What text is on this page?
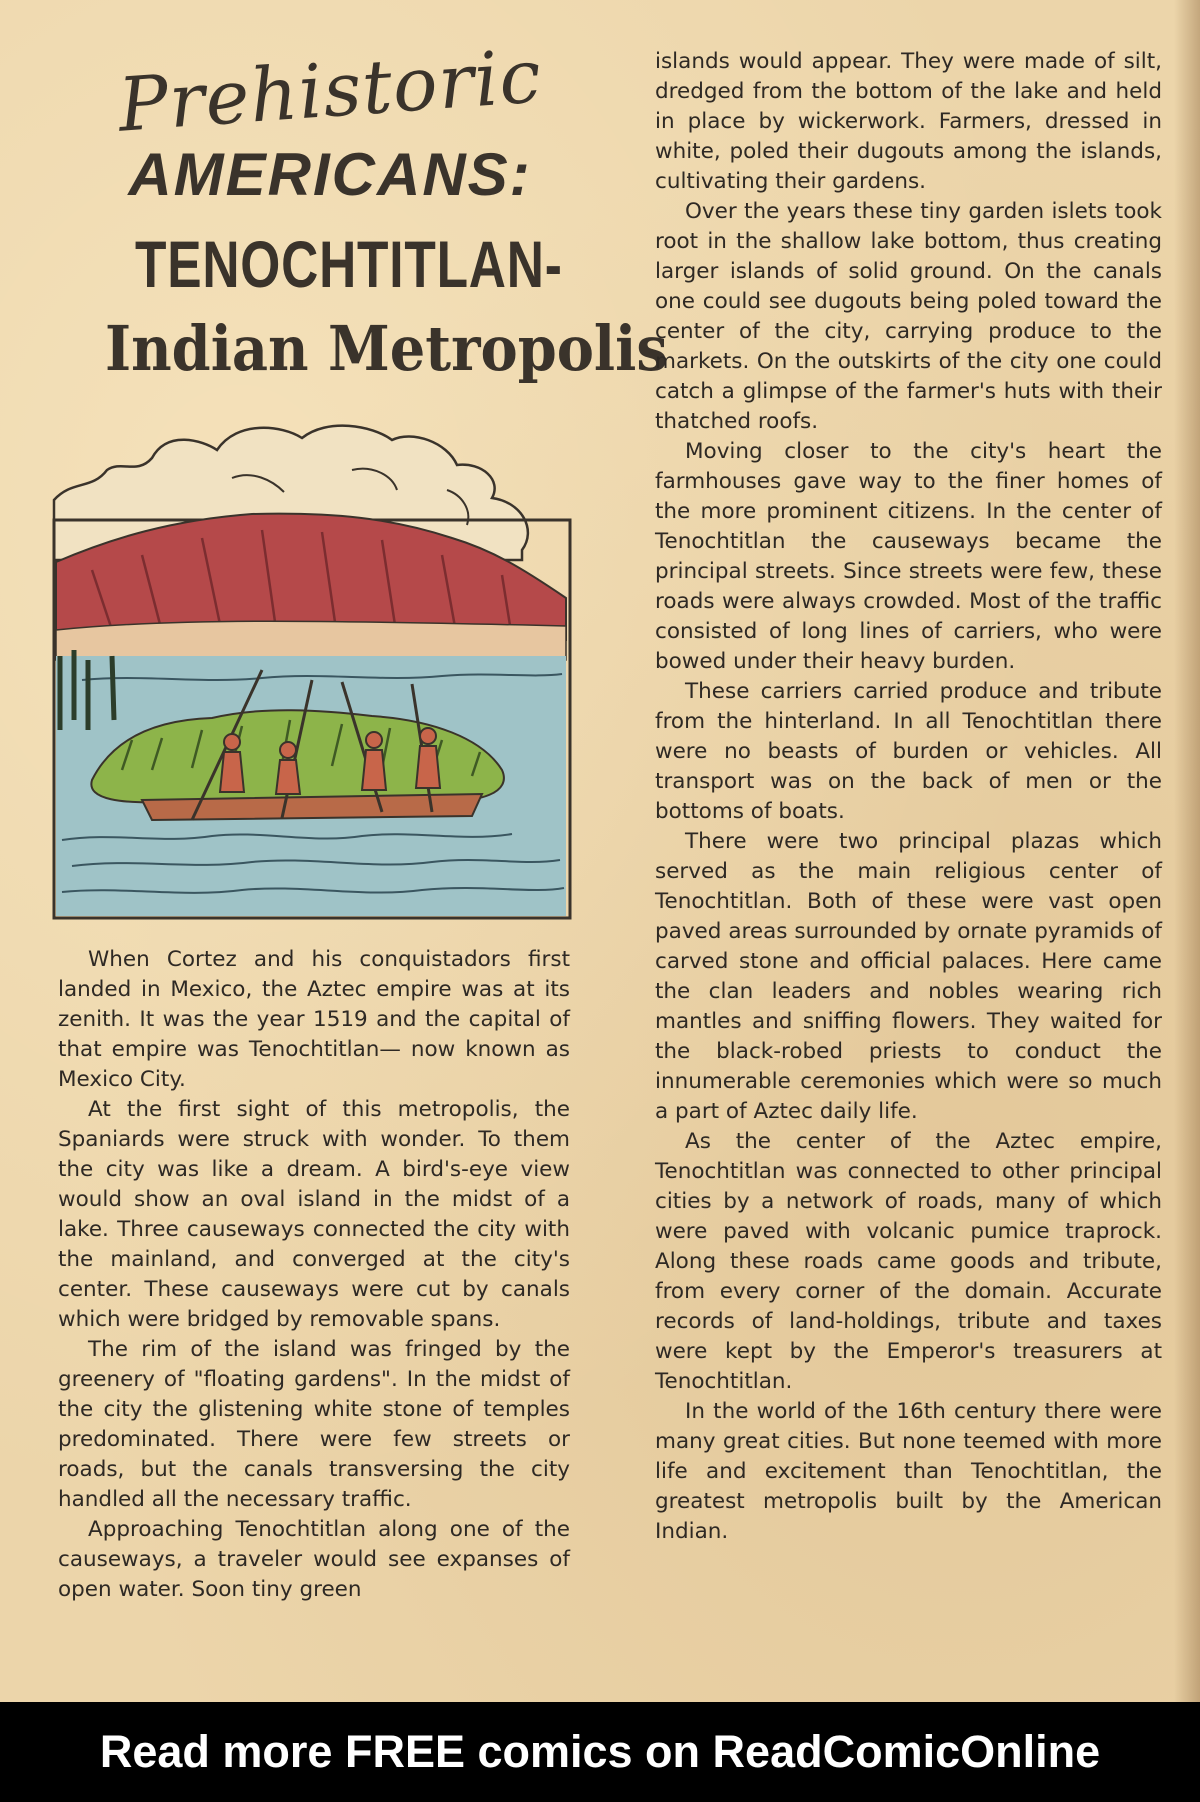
Prehistoric
AMERICANS:
TENOCHTITLAN-
Indian Metropolis

When Cortez and his conquistadors first landed in Mexico, the Aztec empire was at its zenith. It was the year 1519 and the capital of that empire was Tenochtitlan— now known as Mexico City.

At the first sight of this metropolis, the Spaniards were struck with wonder. To them the city was like a dream. A bird's-eye view would show an oval island in the midst of a lake. Three causeways connected the city with the mainland, and converged at the city's center. These causeways were cut by canals which were bridged by removable spans.

The rim of the island was fringed by the greenery of "floating gardens". In the midst of the city the glistening white stone of temples predominated. There were few streets or roads, but the canals transversing the city handled all the necessary traffic.

Approaching Tenochtitlan along one of the causeways, a traveler would see expanses of open water. Soon tiny green

islands would appear. They were made of silt, dredged from the bottom of the lake and held in place by wickerwork. Farmers, dressed in white, poled their dugouts among the islands, cultivating their gardens.

Over the years these tiny garden islets took root in the shallow lake bottom, thus creating larger islands of solid ground. On the canals one could see dugouts being poled toward the center of the city, carrying produce to the markets. On the outskirts of the city one could catch a glimpse of the farmer's huts with their thatched roofs.

Moving closer to the city's heart the farmhouses gave way to the finer homes of the more prominent citizens. In the center of Tenochtitlan the causeways became the principal streets. Since streets were few, these roads were always crowded. Most of the traffic consisted of long lines of carriers, who were bowed under their heavy burden.

These carriers carried produce and tribute from the hinterland. In all Tenochtitlan there were no beasts of burden or vehicles. All transport was on the back of men or the bottoms of boats.

There were two principal plazas which served as the main religious center of Tenochtitlan. Both of these were vast open paved areas surrounded by ornate pyramids of carved stone and official palaces. Here came the clan leaders and nobles wearing rich mantles and sniffing flowers. They waited for the black-robed priests to conduct the innumerable ceremonies which were so much a part of Aztec daily life.

As the center of the Aztec empire, Tenochtitlan was connected to other principal cities by a network of roads, many of which were paved with volcanic pumice traprock. Along these roads came goods and tribute, from every corner of the domain. Accurate records of land-holdings, tribute and taxes were kept by the Emperor's treasurers at Tenochtitlan.

In the world of the 16th century there were many great cities. But none teemed with more life and excitement than Tenochtitlan, the greatest metropolis built by the American Indian.

Read more FREE comics on ReadComicOnline
